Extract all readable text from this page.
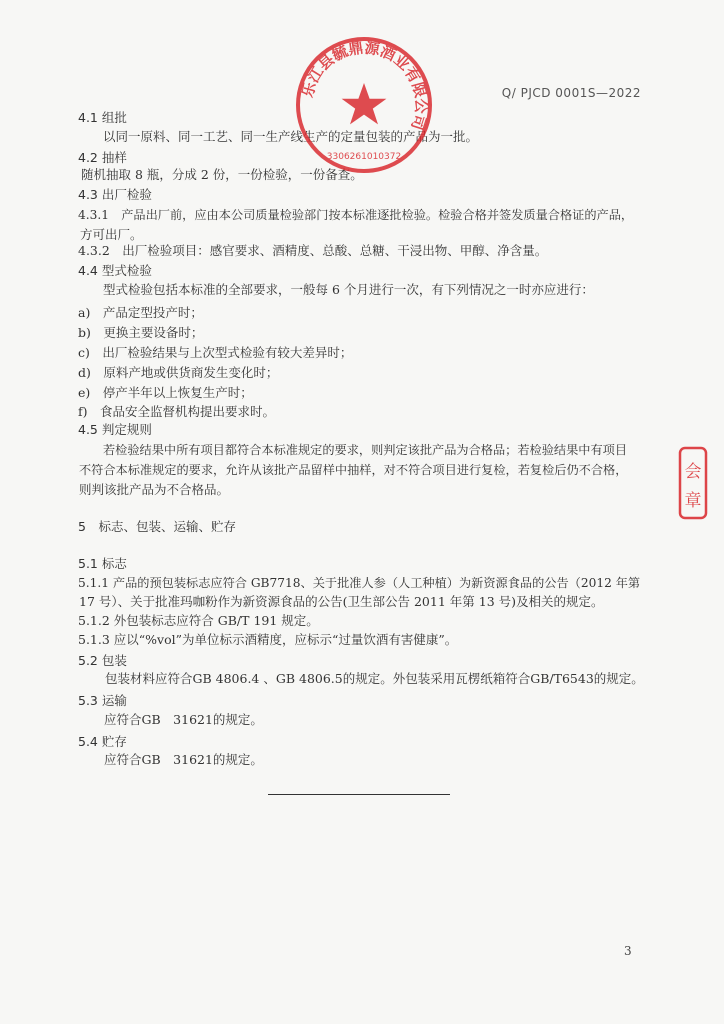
Q/ PJCD 0001S—2022
4.1 组批
以同一原料、同一工艺、同一生产线生产的定量包装的产品为一批。
4.2 抽样
随机抽取 8 瓶，分成 2 份，一份检验，一份备查。
4.3 出厂检验
4.3.1　产品出厂前，应由本公司质量检验部门按本标准逐批检验。检验合格并签发质量合格证的产品，
方可出厂。
4.3.2　出厂检验项目：感官要求、酒精度、总酸、总糖、干浸出物、甲醇、净含量。
4.4 型式检验
型式检验包括本标准的全部要求，一般每 6 个月进行一次，有下列情况之一时亦应进行：
a)　产品定型投产时；
b)　更换主要设备时；
c)　出厂检验结果与上次型式检验有较大差异时；
d)　原料产地或供货商发生变化时；
e)　停产半年以上恢复生产时；
f)　食品安全监督机构提出要求时。
4.5 判定规则
若检验结果中所有项目都符合本标准规定的要求，则判定该批产品为合格品；若检验结果中有项目
不符合本标准规定的要求，允许从该批产品留样中抽样，对不符合项目进行复检，若复检后仍不合格，
则判该批产品为不合格品。
5　标志、包装、运输、贮存
5.1 标志
5.1.1 产品的预包装标志应符合 GB7718、关于批准人参（人工种植）为新资源食品的公告（2012 年第
17 号）、关于批准玛咖粉作为新资源食品的公告(卫生部公告 2011 年第 13 号)及相关的规定。
5.1.2 外包装标志应符合 GB/T 191 规定。
5.1.3 应以“%vol”为单位标示酒精度，应标示“过量饮酒有害健康”。
5.2 包装
包装材料应符合GB 4806.4 、GB 4806.5的规定。外包装采用瓦楞纸箱符合GB/T6543的规定。
5.3 运输
应符合GB　31621的规定。
5.4 贮存
应符合GB　31621的规定。
3
乐江县毓鼎源酒业有限公司
3306261010372
会
章
